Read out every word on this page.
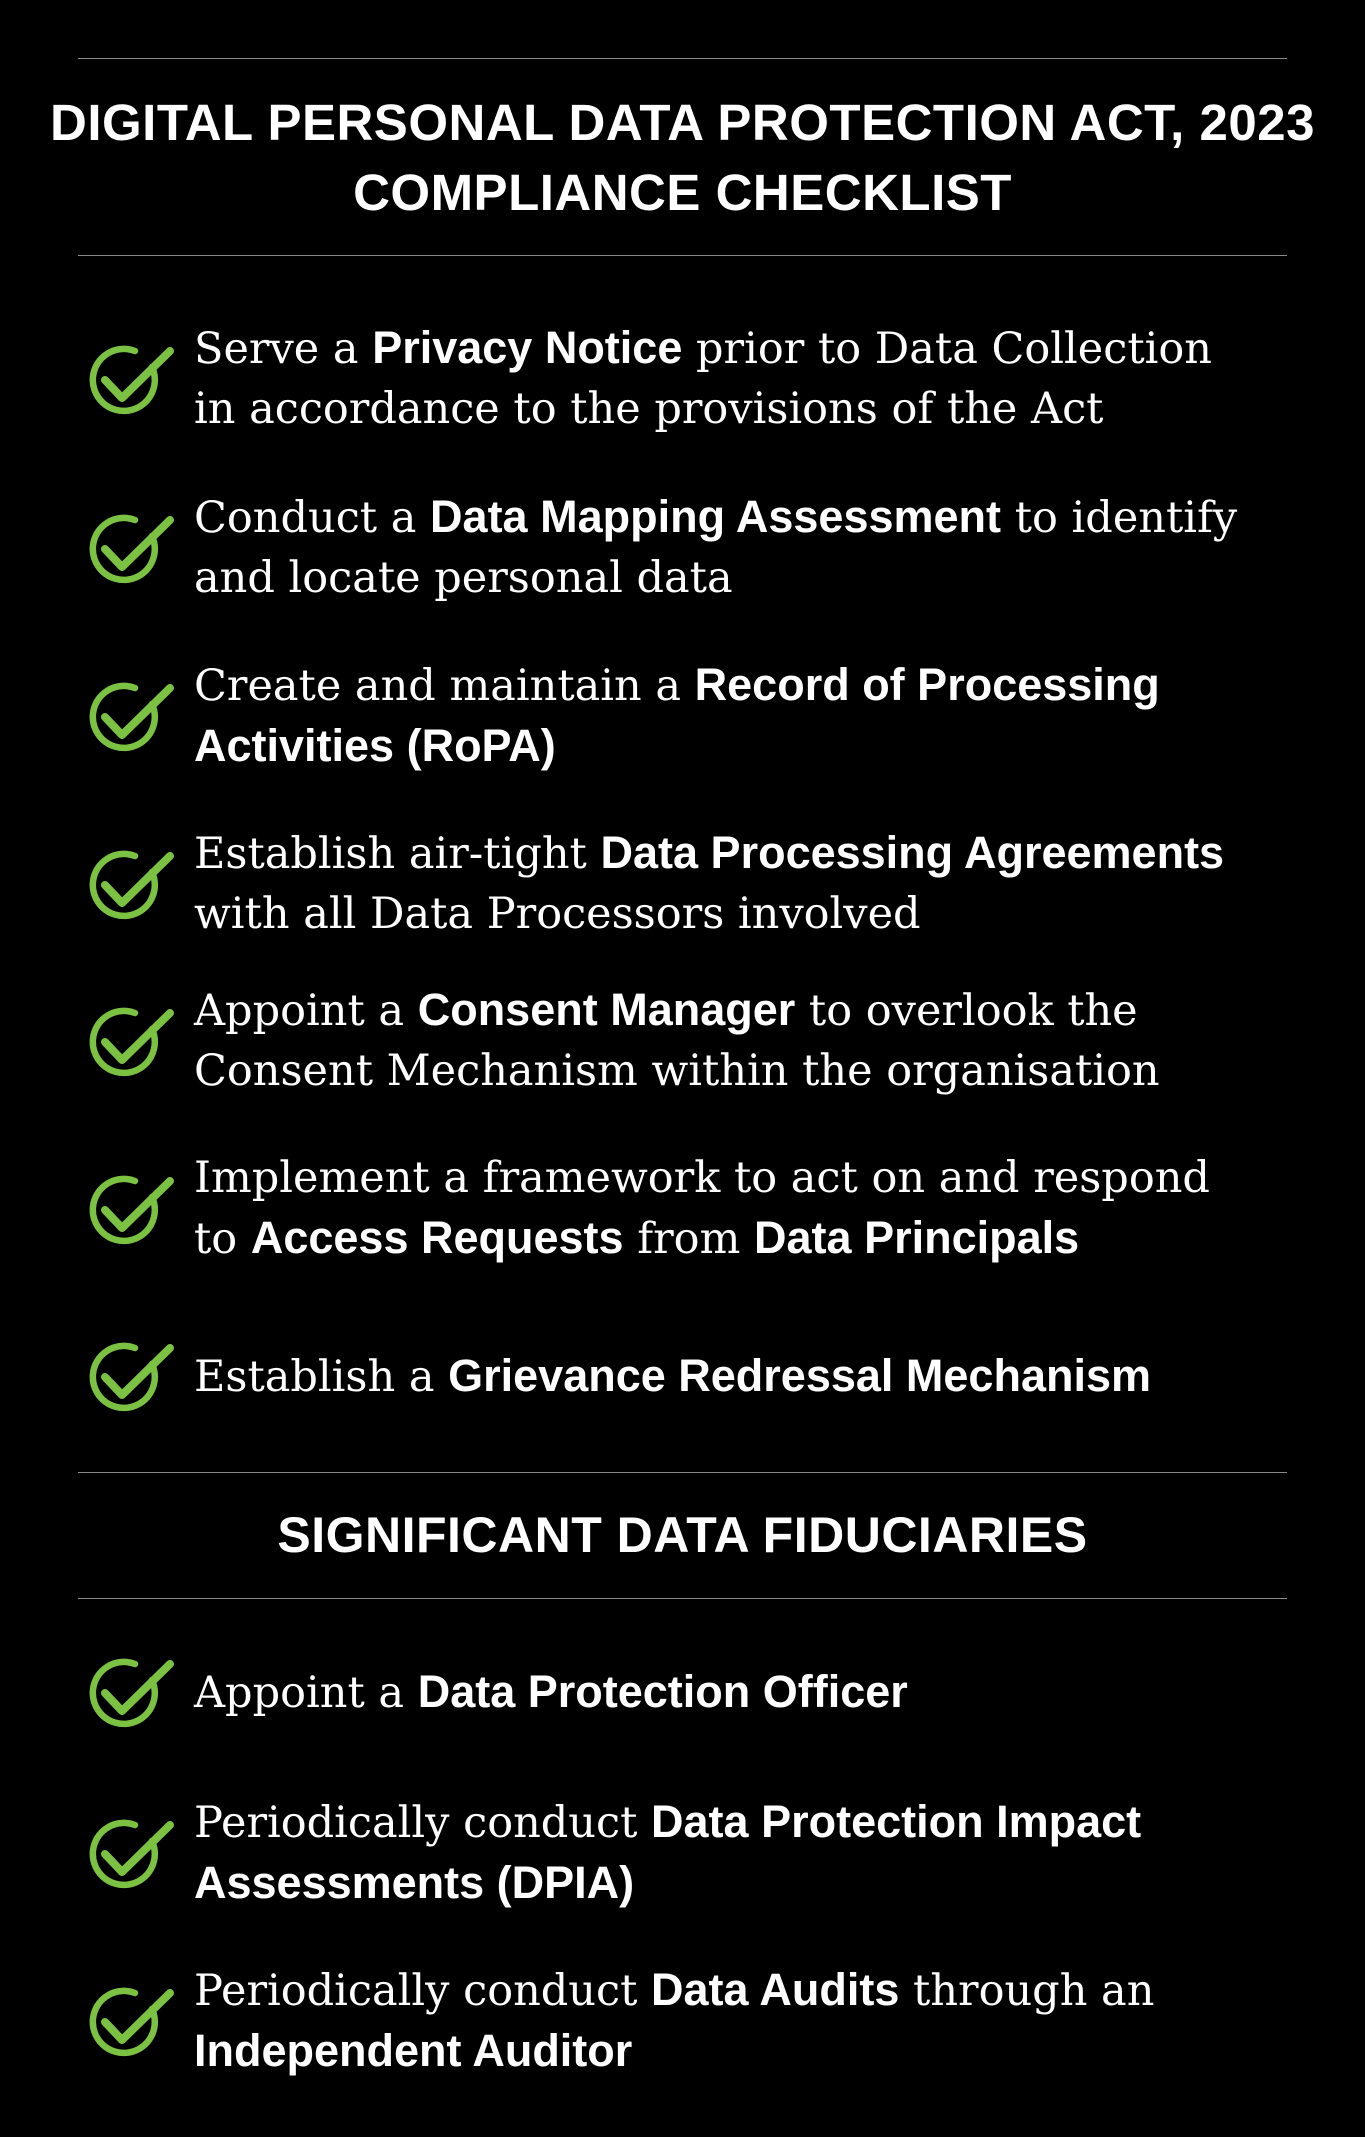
DIGITAL PERSONAL DATA PROTECTION ACT, 2023
COMPLIANCE CHECKLIST
Serve a Privacy Notice prior to Data Collection
in accordance to the provisions of the Act
Conduct a Data Mapping Assessment to identify
and locate personal data
Create and maintain a Record of Processing
Activities (RoPA)
Establish air-tight Data Processing Agreements
with all Data Processors involved
Appoint a Consent Manager to overlook the
Consent Mechanism within the organisation
Implement a framework to act on and respond
to Access Requests from Data Principals
Establish a Grievance Redressal Mechanism
SIGNIFICANT DATA FIDUCIARIES
Appoint a Data Protection Officer
Periodically conduct Data Protection Impact
Assessments (DPIA)
Periodically conduct Data Audits through an
Independent Auditor
